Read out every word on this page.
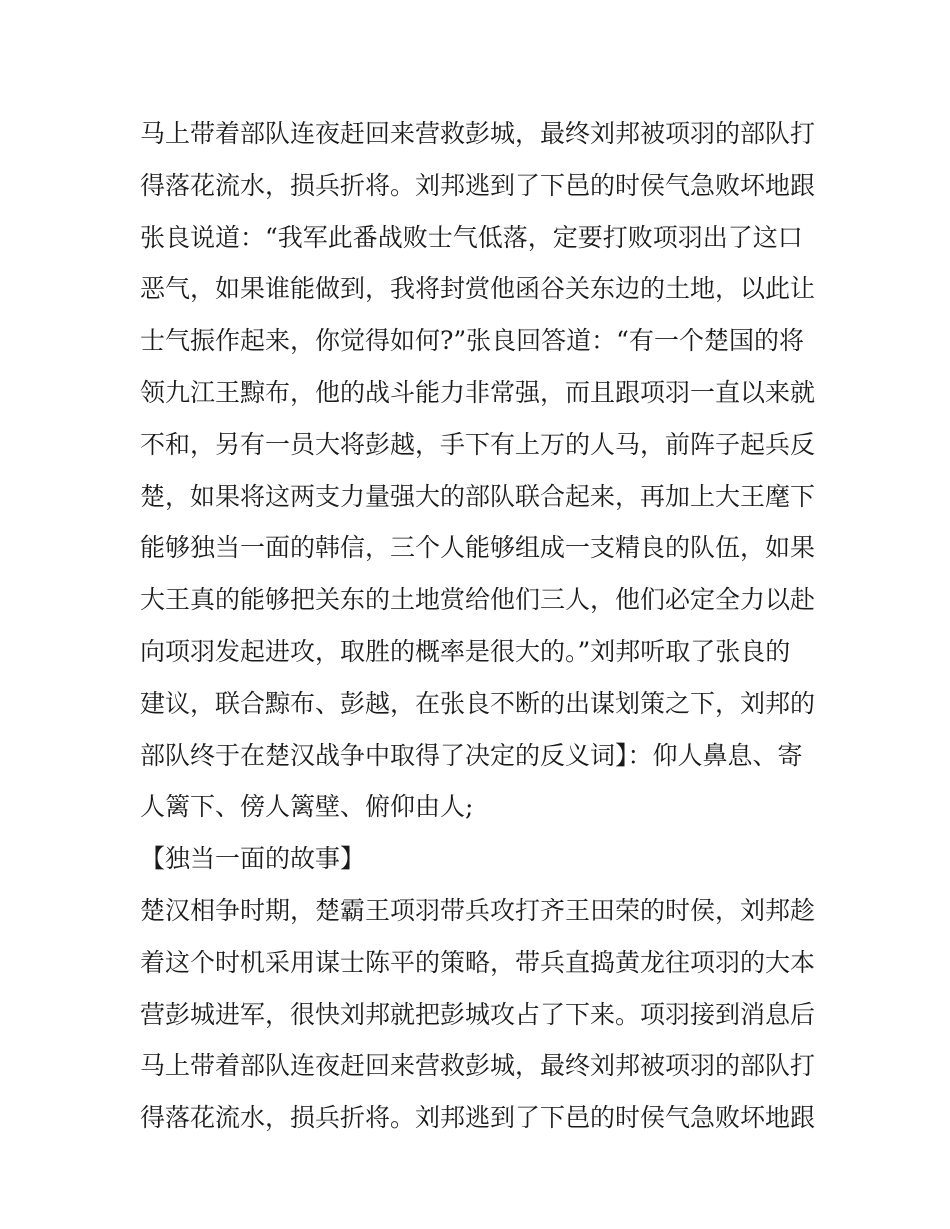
马上带着部队连夜赶回来营救彭城，最终刘邦被项羽的部队打
得落花流水，损兵折将。刘邦逃到了下邑的时侯气急败坏地跟
张良说道：“我军此番战败士气低落，定要打败项羽出了这口
恶气，如果谁能做到，我将封赏他函谷关东边的土地，以此让
士气振作起来，你觉得如何?”张良回答道：“有一个楚国的将
领九江王黥布，他的战斗能力非常强，而且跟项羽一直以来就
不和，另有一员大将彭越，手下有上万的人马，前阵子起兵反
楚，如果将这两支力量强大的部队联合起来，再加上大王麾下
能够独当一面的韩信，三个人能够组成一支精良的队伍，如果
大王真的能够把关东的土地赏给他们三人，他们必定全力以赴
向项羽发起进攻，取胜的概率是很大的。”刘邦听取了张良的
建议，联合黥布、彭越，在张良不断的出谋划策之下，刘邦的
部队终于在楚汉战争中取得了决定的反义词】：仰人鼻息、寄
人篱下、傍人篱壁、俯仰由人;
【独当一面的故事】
楚汉相争时期，楚霸王项羽带兵攻打齐王田荣的时侯，刘邦趁
着这个时机采用谋士陈平的策略，带兵直捣黄龙往项羽的大本
营彭城进军，很快刘邦就把彭城攻占了下来。项羽接到消息后
马上带着部队连夜赶回来营救彭城，最终刘邦被项羽的部队打
得落花流水，损兵折将。刘邦逃到了下邑的时侯气急败坏地跟
